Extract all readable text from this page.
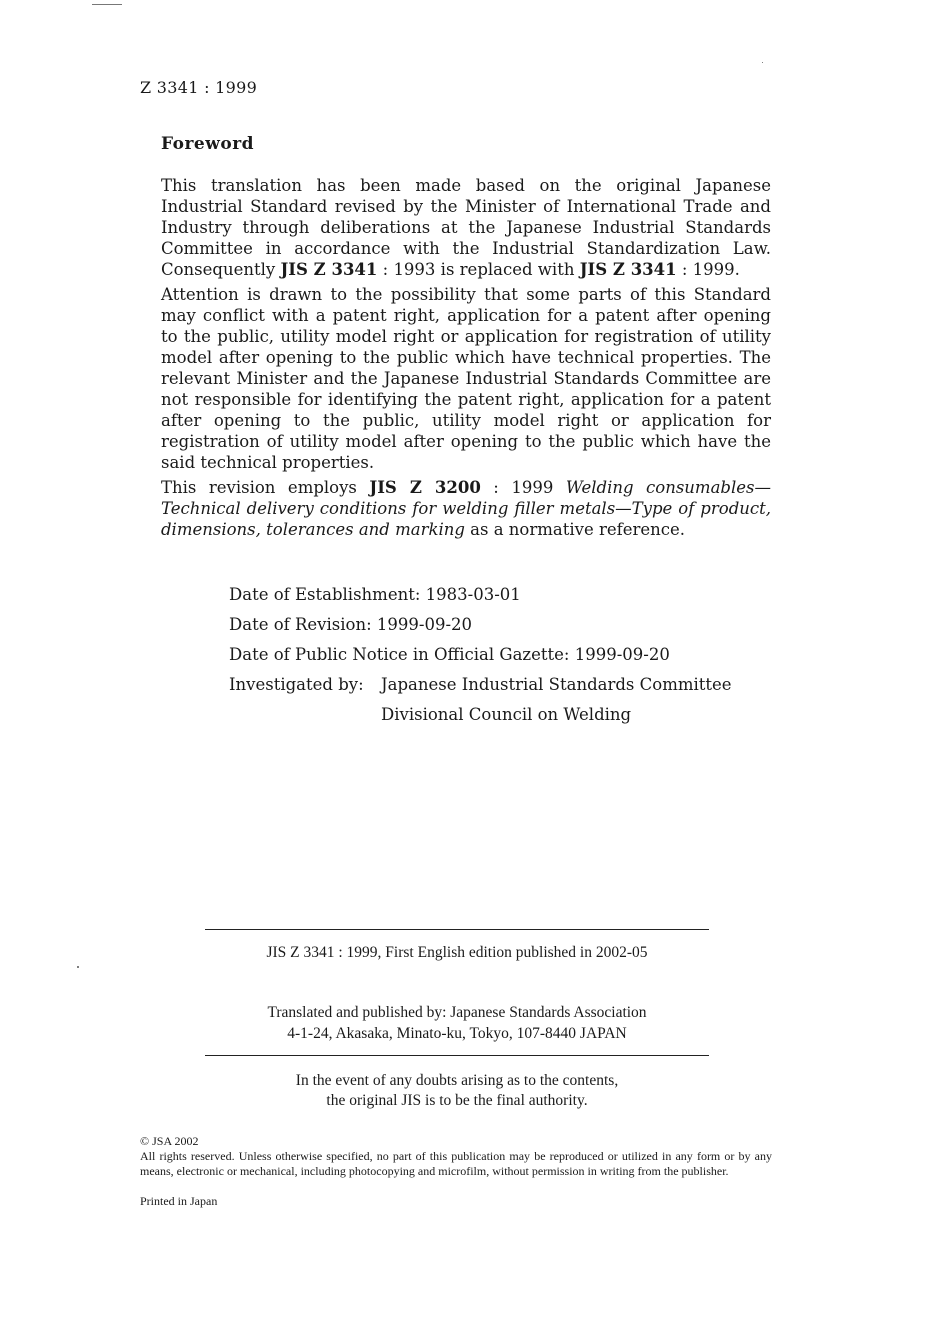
Z 3341 : 1999
Foreword

This translation has been made based on the original Japanese Industrial Standard revised by the Minister of International Trade and Industry through deliberations at the Japanese Industrial Standards Committee in accordance with the Industrial Standardization Law. Consequently JIS Z 3341 : 1993 is replaced with JIS Z 3341 : 1999.

Attention is drawn to the possibility that some parts of this Standard may conflict with a patent right, application for a patent after opening to the public, utility model right or application for registration of utility model after opening to the public which have technical properties. The relevant Minister and the Japanese Industrial Standards Committee are not responsible for identifying the patent right, application for a patent after opening to the public, utility model right or application for registration of utility model after opening to the public which have the said technical properties.

This revision employs JIS Z 3200 : 1999 Welding consumables—Technical delivery conditions for welding filler metals—Type of product, dimensions, tolerances and marking as a normative reference.

Date of Establishment: 1983-03-01
Date of Revision: 1999-09-20
Date of Public Notice in Official Gazette: 1999-09-20
Investigated by:	Japanese Industrial Standards Committee
Divisional Council on Welding
JIS Z 3341 : 1999, First English edition published in 2002-05
Translated and published by: Japanese Standards Association
4-1-24, Akasaka, Minato-ku, Tokyo, 107-8440 JAPAN
In the event of any doubts arising as to the contents,
the original JIS is to be the final authority.
© JSA 2002
All rights reserved. Unless otherwise specified, no part of this publication may be reproduced or utilized in any form or by any means, electronic or mechanical, including photocopying and microfilm, without permission in writing from the publisher.
Printed in Japan
